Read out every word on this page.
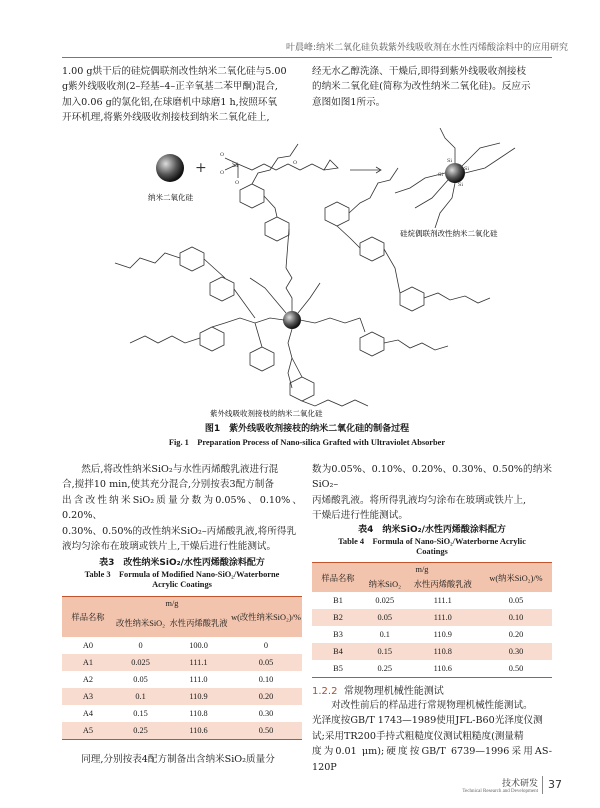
叶晨峰:纳米二氧化硅负载紫外线吸收剂在水性丙烯酸涂料中的应用研究
1.00 g烘干后的硅烷偶联剂改性纳米二氧化硅与5.00
g紫外线吸收剂(2–羟基–4–正辛氧基二苯甲酮)混合,
加入0.06 g的氯化铝,在球磨机中球磨1 h,按照环氧
开环机理,将紫外线吸收剂接枝到纳米二氧化硅上,
经无水乙醇洗涤、干燥后,即得到紫外线吸收剂接枝
的纳米二氧化硅(简称为改性纳米二氧化硅)。反应示
意图如图1所示。
+	Si
O
O
O
O	Si
Si
Si
Si
纳米二氧化硅
硅烷偶联剂改性纳米二氧化硅
紫外线吸收剂接枝的纳米二氧化硅
图1　紫外线吸收剂接枝的纳米二氧化硅的制备过程
Fig. 1　Preparation Process of Nano-silica Grafted with Ultraviolet Absorber
然后,将改性纳米SiO₂与水性丙烯酸乳液进行混
合,搅拌10 min,使其充分混合,分别按表3配方制备
出含改性纳米SiO₂质量分数为0.05%、0.10%、0.20%、
0.30%、0.50%的改性纳米SiO₂–丙烯酸乳液,将所得乳
液均匀涂布在玻璃或铁片上,干燥后进行性能测试。
表3　改性纳米SiO₂/水性丙烯酸涂料配方
Table 3　Formula of Modified Nano-SiO₂/Waterborne
Acrylic Coatings
样品名称	m/g		w(改性纳米SiO₂)/%
	改性纳米SiO₂	水性丙烯酸乳液	
A0	0	100.0	0
A1	0.025	111.1	0.05
A2	0.05	111.0	0.10
A3	0.1	110.9	0.20
A4	0.15	110.8	0.30
A5	0.25	110.6	0.50
同理,分别按表4配方制备出含纳米SiO₂质量分
数为0.05%、0.10%、0.20%、0.30%、0.50%的纳米SiO₂–
丙烯酸乳液。将所得乳液均匀涂布在玻璃或铁片上,
干燥后进行性能测试。
表4　纳米SiO₂/水性丙烯酸涂料配方
Table 4　Formula of Nano-SiO₂/Waterborne Acrylic
Coatings
样品名称	m/g		w(纳米SiO₂)/%
	纳米SiO₂	水性丙烯酸乳液	
B1	0.025	111.1	0.05
B2	0.05	111.0	0.10
B3	0.1	110.9	0.20
B4	0.15	110.8	0.30
B5	0.25	110.6	0.50
1.2.2 常规物理机械性能测试
对改性前后的样品进行常规物理机械性能测试。
光泽度按GB/T 1743—1989使用JFL-B60光泽度仪测
试;采用TR200手持式粗糙度仪测试粗糙度(测量精
度为0.01 μm);硬度按GB/T 6739—1996采用AS-120P
技术研发
Technical Research and Development
37
